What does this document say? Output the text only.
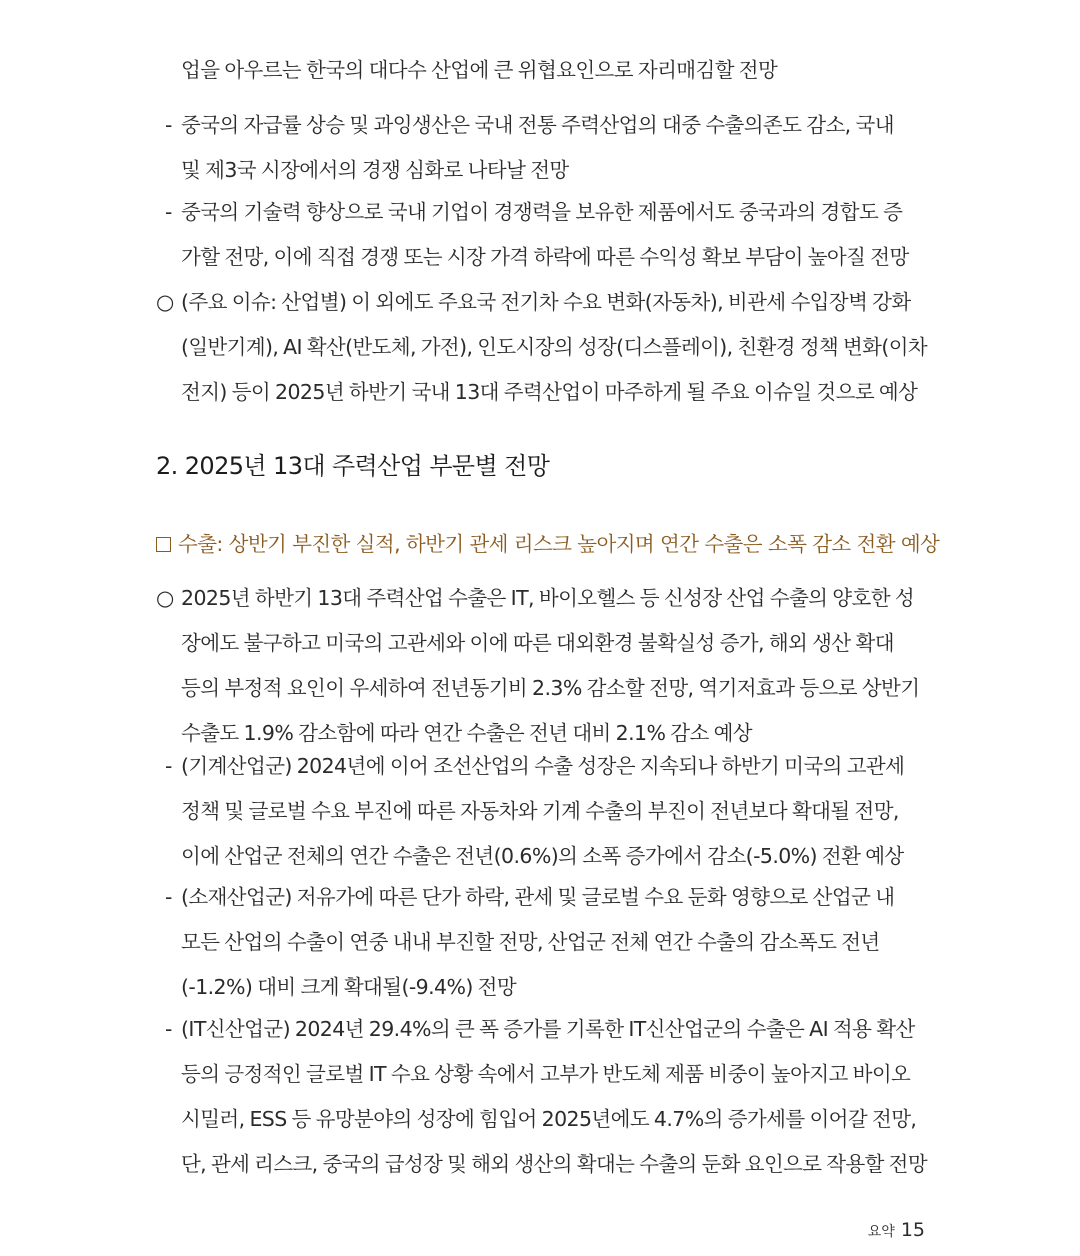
업을 아우르는 한국의 대다수 산업에 큰 위협요인으로 자리매김할 전망
- 중국의 자급률 상승 및 과잉생산은 국내 전통 주력산업의 대중 수출의존도 감소, 국내
및 제3국 시장에서의 경쟁 심화로 나타날 전망
- 중국의 기술력 향상으로 국내 기업이 경쟁력을 보유한 제품에서도 중국과의 경합도 증
가할 전망, 이에 직접 경쟁 또는 시장 가격 하락에 따른 수익성 확보 부담이 높아질 전망
○ (주요 이슈: 산업별) 이 외에도 주요국 전기차 수요 변화(자동차), 비관세 수입장벽 강화
(일반기계), AI 확산(반도체, 가전), 인도시장의 성장(디스플레이), 친환경 정책 변화(이차
전지) 등이 2025년 하반기 국내 13대 주력산업이 마주하게 될 주요 이슈일 것으로 예상
2. 2025년 13대 주력산업 부문별 전망
수출: 상반기 부진한 실적, 하반기 관세 리스크 높아지며 연간 수출은 소폭 감소 전환 예상
○ 2025년 하반기 13대 주력산업 수출은 IT, 바이오헬스 등 신성장 산업 수출의 양호한 성
장에도 불구하고 미국의 고관세와 이에 따른 대외환경 불확실성 증가, 해외 생산 확대
등의 부정적 요인이 우세하여 전년동기비 2.3% 감소할 전망, 역기저효과 등으로 상반기
수출도 1.9% 감소함에 따라 연간 수출은 전년 대비 2.1% 감소 예상
- (기계산업군) 2024년에 이어 조선산업의 수출 성장은 지속되나 하반기 미국의 고관세
정책 및 글로벌 수요 부진에 따른 자동차와 기계 수출의 부진이 전년보다 확대될 전망,
이에 산업군 전체의 연간 수출은 전년(0.6%)의 소폭 증가에서 감소(-5.0%) 전환 예상
- (소재산업군) 저유가에 따른 단가 하락, 관세 및 글로벌 수요 둔화 영향으로 산업군 내
모든 산업의 수출이 연중 내내 부진할 전망, 산업군 전체 연간 수출의 감소폭도 전년
(-1.2%) 대비 크게 확대될(-9.4%) 전망
- (IT신산업군) 2024년 29.4%의 큰 폭 증가를 기록한 IT신산업군의 수출은 AI 적용 확산
등의 긍정적인 글로벌 IT 수요 상황 속에서 고부가 반도체 제품 비중이 높아지고 바이오
시밀러, ESS 등 유망분야의 성장에 힘입어 2025년에도 4.7%의 증가세를 이어갈 전망,
단, 관세 리스크, 중국의 급성장 및 해외 생산의 확대는 수출의 둔화 요인으로 작용할 전망
요약 15
